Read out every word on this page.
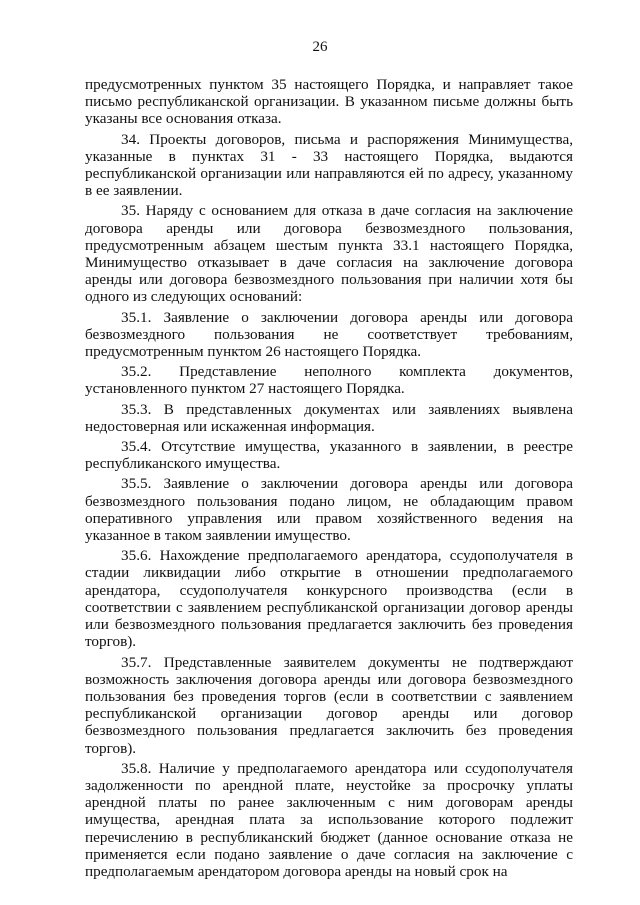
26

предусмотренных пунктом 35 настоящего Порядка, и направляет такое письмо республиканской организации. В указанном письме должны быть указаны все основания отказа.

34. Проекты договоров, письма и распоряжения Минимущества, указанные в пунктах 31 - 33 настоящего Порядка, выдаются республиканской организации или направляются ей по адресу, указанному в ее заявлении.

35. Наряду с основанием для отказа в даче согласия на заключение договора аренды или договора безвозмездного пользования, предусмотренным абзацем шестым пункта 33.1 настоящего Порядка, Минимущество отказывает в даче согласия на заключение договора аренды или договора безвозмездного пользования при наличии хотя бы одного из следующих оснований:

35.1. Заявление о заключении договора аренды или договора безвозмездного пользования не соответствует требованиям, предусмотренным пунктом 26 настоящего Порядка.

35.2. Представление неполного комплекта документов, установленного пунктом 27 настоящего Порядка.

35.3. В представленных документах или заявлениях выявлена недостоверная или искаженная информация.

35.4. Отсутствие имущества, указанного в заявлении, в реестре республиканского имущества.

35.5. Заявление о заключении договора аренды или договора безвозмездного пользования подано лицом, не обладающим правом оперативного управления или правом хозяйственного ведения на указанное в таком заявлении имущество.

35.6. Нахождение предполагаемого арендатора, ссудополучателя в стадии ликвидации либо открытие в отношении предполагаемого арендатора, ссудополучателя конкурсного производства (если в соответствии с заявлением республиканской организации договор аренды или безвозмездного пользования предлагается заключить без проведения торгов).

35.7. Представленные заявителем документы не подтверждают возможность заключения договора аренды или договора безвозмездного пользования без проведения торгов (если в соответствии с заявлением республиканской организации договор аренды или договор безвозмездного пользования предлагается заключить без проведения торгов).

35.8. Наличие у предполагаемого арендатора или ссудополучателя задолженности по арендной плате, неустойке за просрочку уплаты арендной платы по ранее заключенным с ним договорам аренды имущества, арендная плата за использование которого подлежит перечислению в республиканский бюджет (данное основание отказа не применяется если подано заявление о даче согласия на заключение с предполагаемым арендатором договора аренды на новый срок на
